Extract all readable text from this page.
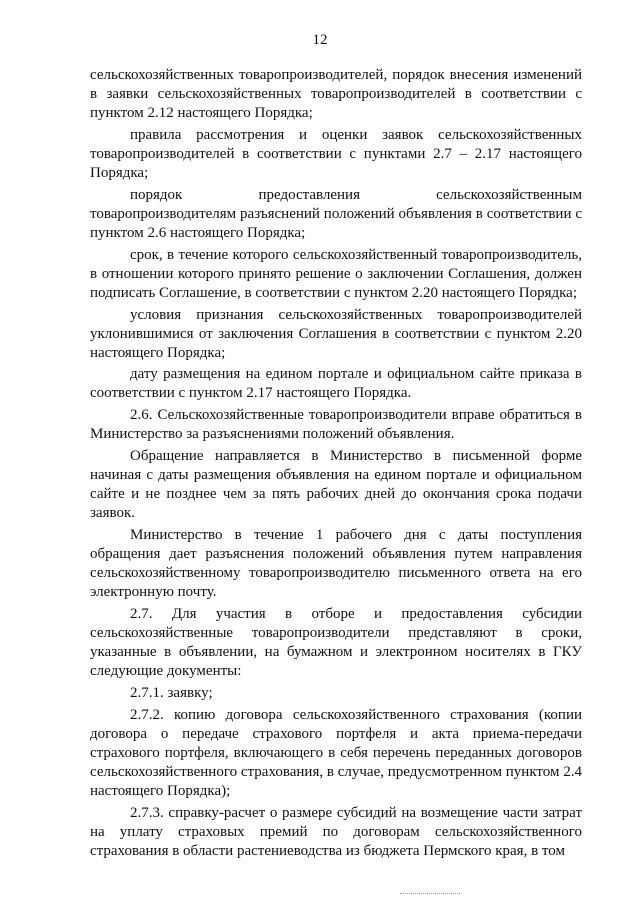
12

сельскохозяйственных товаропроизводителей, порядок внесения изменений в заявки сельскохозяйственных товаропроизводителей в соответствии с пунктом 2.12 настоящего Порядка;

правила рассмотрения и оценки заявок сельскохозяйственных товаропроизводителей в соответствии с пунктами 2.7 – 2.17 настоящего Порядка;

порядок предоставления сельскохозяйственным товаропроизводителям разъяснений положений объявления в соответствии с пунктом 2.6 настоящего Порядка;

срок, в течение которого сельскохозяйственный товаропроизводитель, в отношении которого принято решение о заключении Соглашения, должен подписать Соглашение, в соответствии с пунктом 2.20 настоящего Порядка;

условия признания сельскохозяйственных товаропроизводителей уклонившимися от заключения Соглашения в соответствии с пунктом 2.20 настоящего Порядка;

дату размещения на едином портале и официальном сайте приказа в соответствии с пунктом 2.17 настоящего Порядка.

2.6. Сельскохозяйственные товаропроизводители вправе обратиться в Министерство за разъяснениями положений объявления.

Обращение направляется в Министерство в письменной форме начиная с даты размещения объявления на едином портале и официальном сайте и не позднее чем за пять рабочих дней до окончания срока подачи заявок.

Министерство в течение 1 рабочего дня с даты поступления обращения дает разъяснения положений объявления путем направления сельскохозяйственному товаропроизводителю письменного ответа на его электронную почту.

2.7. Для участия в отборе и предоставления субсидии сельскохозяйственные товаропроизводители представляют в сроки, указанные в объявлении, на бумажном и электронном носителях в ГКУ следующие документы:

2.7.1. заявку;

2.7.2. копию договора сельскохозяйственного страхования (копии договора о передаче страхового портфеля и акта приема-передачи страхового портфеля, включающего в себя перечень переданных договоров сельскохозяйственного страхования, в случае, предусмотренном пунктом 2.4 настоящего Порядка);

2.7.3. справку-расчет о размере субсидий на возмещение части затрат на уплату страховых премий по договорам сельскохозяйственного страхования в области растениеводства из бюджета Пермского края, в том
